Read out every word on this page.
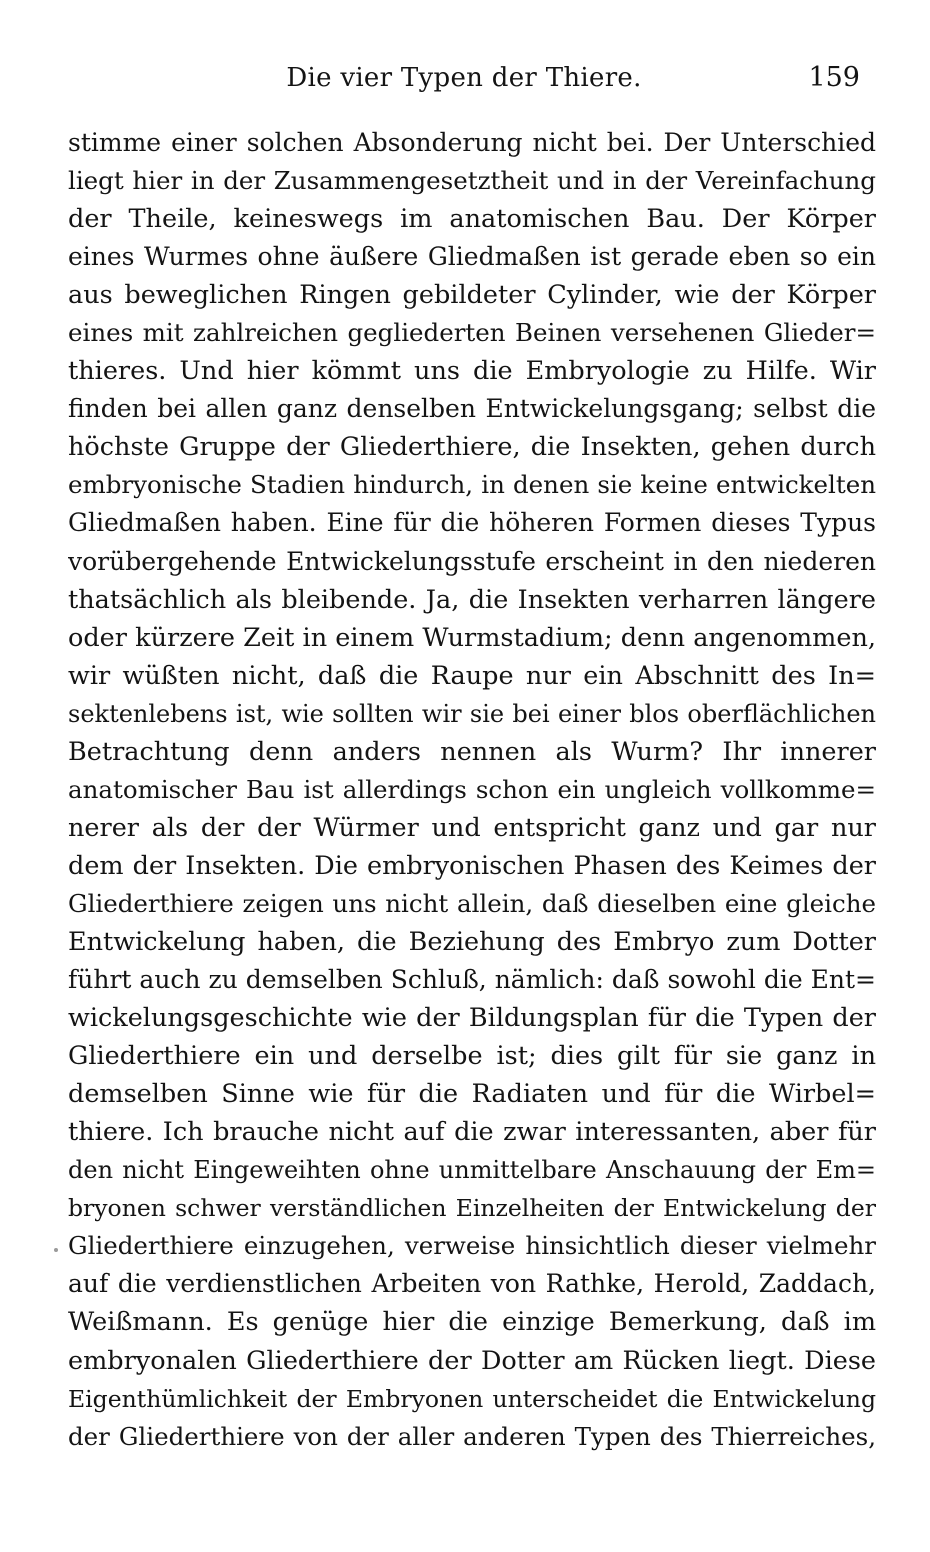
Die vier Typen der Thiere.	159
stimme einer solchen Absonderung nicht bei. Der Unterschied
liegt hier in der Zusammengesetztheit und in der Vereinfachung
der Theile, keineswegs im anatomischen Bau. Der Körper
eines Wurmes ohne äußere Gliedmaßen ist gerade eben so ein
aus beweglichen Ringen gebildeter Cylinder, wie der Körper
eines mit zahlreichen gegliederten Beinen versehenen Glieder=
thieres. Und hier kömmt uns die Embryologie zu Hilfe. Wir
finden bei allen ganz denselben Entwickelungsgang; selbst die
höchste Gruppe der Gliederthiere, die Insekten, gehen durch
embryonische Stadien hindurch, in denen sie keine entwickelten
Gliedmaßen haben. Eine für die höheren Formen dieses Typus
vorübergehende Entwickelungsstufe erscheint in den niederen
thatsächlich als bleibende. Ja, die Insekten verharren längere
oder kürzere Zeit in einem Wurmstadium; denn angenommen,
wir wüßten nicht, daß die Raupe nur ein Abschnitt des In=
sektenlebens ist, wie sollten wir sie bei einer blos oberflächlichen
Betrachtung denn anders nennen als Wurm? Ihr innerer
anatomischer Bau ist allerdings schon ein ungleich vollkomme=
nerer als der der Würmer und entspricht ganz und gar nur
dem der Insekten. Die embryonischen Phasen des Keimes der
Gliederthiere zeigen uns nicht allein, daß dieselben eine gleiche
Entwickelung haben, die Beziehung des Embryo zum Dotter
führt auch zu demselben Schluß, nämlich: daß sowohl die Ent=
wickelungsgeschichte wie der Bildungsplan für die Typen der
Gliederthiere ein und derselbe ist; dies gilt für sie ganz in
demselben Sinne wie für die Radiaten und für die Wirbel=
thiere. Ich brauche nicht auf die zwar interessanten, aber für
den nicht Eingeweihten ohne unmittelbare Anschauung der Em=
bryonen schwer verständlichen Einzelheiten der Entwickelung der
Gliederthiere einzugehen, verweise hinsichtlich dieser vielmehr
auf die verdienstlichen Arbeiten von Rathke, Herold, Zaddach,
Weißmann. Es genüge hier die einzige Bemerkung, daß im
embryonalen Gliederthiere der Dotter am Rücken liegt. Diese
Eigenthümlichkeit der Embryonen unterscheidet die Entwickelung
der Gliederthiere von der aller anderen Typen des Thierreiches,
